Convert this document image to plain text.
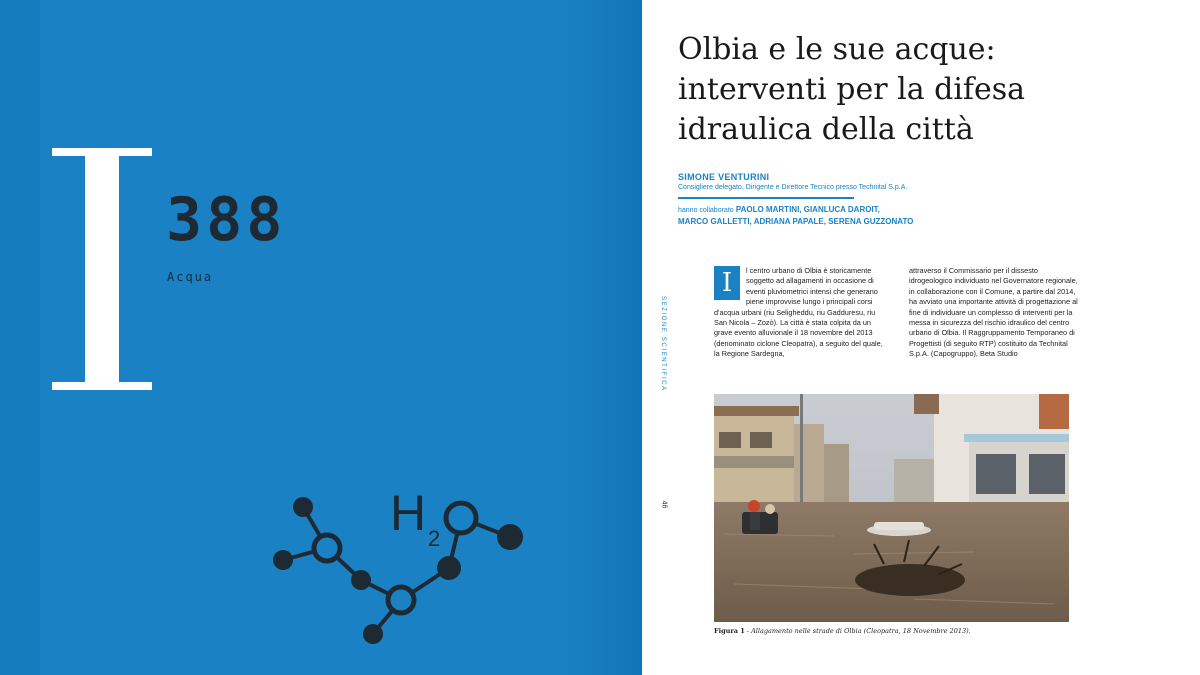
388
Acqua
H 2
O
Olbia e le sue acque:
interventi per la difesa
idraulica della città
SIMONE VENTURINI
Consigliere delegato, Dirigente e Direttore Tecnico presso Technital S.p.A.
hanno collaborato PAOLO MARTINI, GIANLUCA DAROIT,
MARCO GALLETTI, ADRIANA PAPALE, SERENA GUZZONATO
SEZIONE SCIENTIFICA
46
I	l centro urbano di Olbia è storicamente soggetto ad allagamenti in occasione di eventi pluviometrici intensi che generano piene improvvise lungo i principali corsi d'acqua urbani (riu Seligheddu, riu Gadduresu, riu San Nicola – Zozò). La città è stata colpita da un grave evento alluvionale il 18 novembre del 2013 (denominato ciclone Cleopatra), a seguito del quale, la Regione Sardegna,
attraverso il Commissario per il dissesto idrogeologico individuato nel Governatore regionale, in collaborazione con il Comune, a partire dal 2014, ha avviato una importante attività di progettazione al fine di individuare un complesso di interventi per la messa in sicurezza del rischio idraulico del centro urbano di Olbia. Il Raggruppamento Temporaneo di Progettisti (di seguito RTP) costituito da Technital S.p.A. (Capogruppo), Beta Studio
Figura 1 - Allagamento nelle strade di Olbia (Cleopatra, 18 Novembre 2013).
